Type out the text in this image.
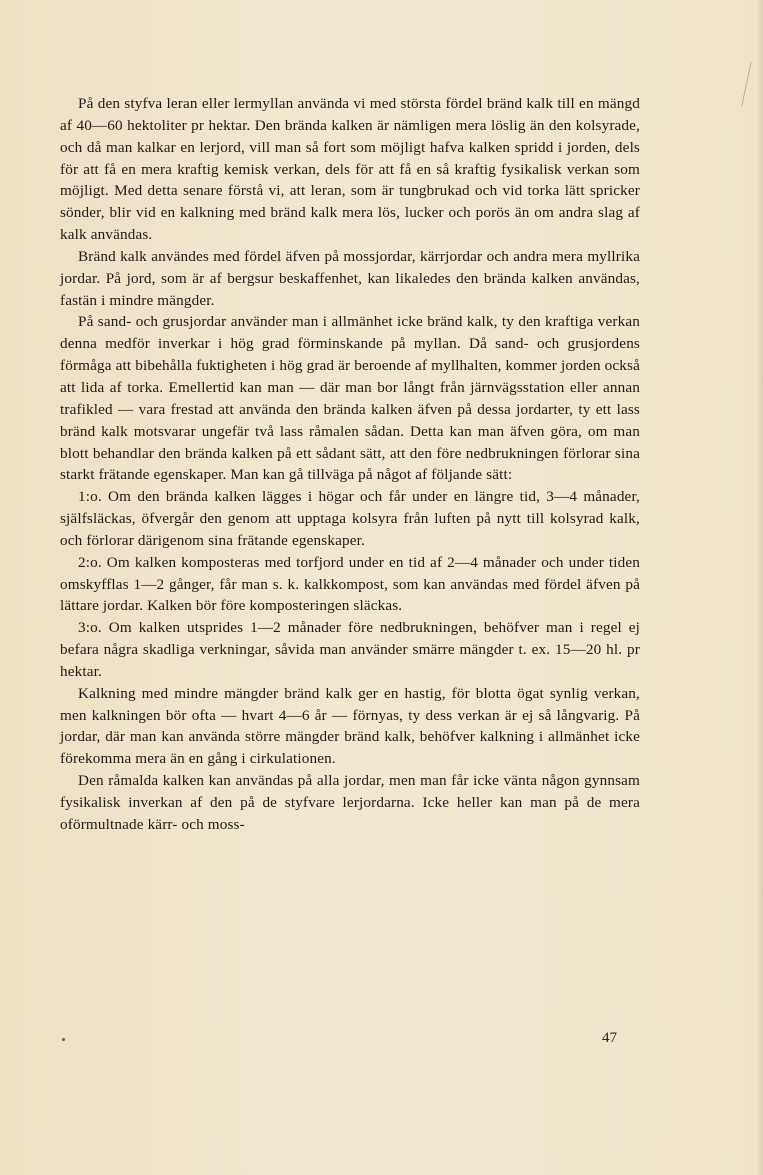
På den styfva leran eller lermyllan använda vi med största fördel bränd kalk till en mängd af 40—60 hektoliter pr hektar. Den brända kalken är nämligen mera löslig än den kolsyrade, och då man kalkar en lerjord, vill man så fort som möjligt hafva kalken spridd i jorden, dels för att få en mera kraftig kemisk verkan, dels för att få en så kraftig fysikalisk verkan som möjligt. Med detta senare förstå vi, att leran, som är tungbrukad och vid torka lätt spricker sönder, blir vid en kalkning med bränd kalk mera lös, lucker och porös än om andra slag af kalk användas.

Bränd kalk användes med fördel äfven på mossjordar, kärrjordar och andra mera myllrika jordar. På jord, som är af bergsur beskaffenhet, kan likaledes den brända kalken användas, fastän i mindre mängder.

På sand- och grusjordar använder man i allmänhet icke bränd kalk, ty den kraftiga verkan denna medför inverkar i hög grad förminskande på myllan. Då sand- och grusjordens förmåga att bibehålla fuktigheten i hög grad är beroende af myllhalten, kommer jorden också att lida af torka. Emellertid kan man — där man bor långt från järnvägsstation eller annan trafikled — vara frestad att använda den brända kalken äfven på dessa jordarter, ty ett lass bränd kalk motsvarar ungefär två lass råmalen sådan. Detta kan man äfven göra, om man blott behandlar den brända kalken på ett sådant sätt, att den före nedbrukningen förlorar sina starkt frätande egenskaper. Man kan gå tillväga på något af följande sätt:

1:o. Om den brända kalken lägges i högar och får under en längre tid, 3—4 månader, själfsläckas, öfvergår den genom att upptaga kolsyra från luften på nytt till kolsyrad kalk, och förlorar därigenom sina frätande egenskaper.

2:o. Om kalken komposteras med torfjord under en tid af 2—4 månader och under tiden omskyfflas 1—2 gånger, får man s. k. kalkkompost, som kan användas med fördel äfven på lättare jordar. Kalken bör före komposteringen släckas.

3:o. Om kalken utsprides 1—2 månader före nedbrukningen, behöfver man i regel ej befara några skadliga verkningar, såvida man använder smärre mängder t. ex. 15—20 hl. pr hektar.

Kalkning med mindre mängder bränd kalk ger en hastig, för blotta ögat synlig verkan, men kalkningen bör ofta — hvart 4—6 år — förnyas, ty dess verkan är ej så långvarig. På jordar, där man kan använda större mängder bränd kalk, behöfver kalkning i allmänhet icke förekomma mera än en gång i cirkulationen.

Den råmalda kalken kan användas på alla jordar, men man får icke vänta någon gynnsam fysikalisk inverkan af den på de styfvare lerjordarna. Icke heller kan man på de mera oförmultnade kärr- och moss-

47
